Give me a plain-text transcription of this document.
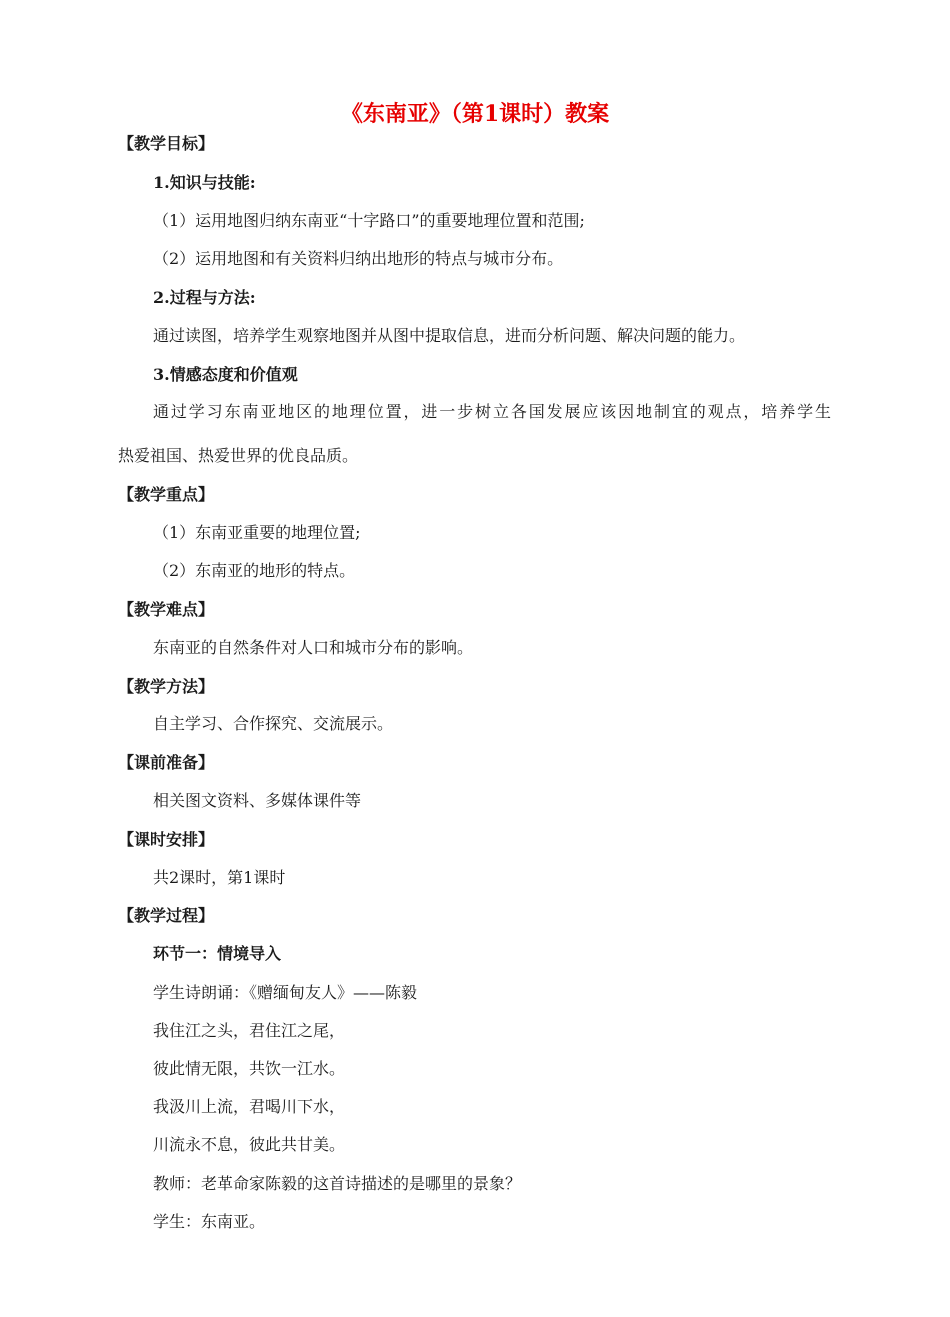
《东南亚》（第1课时）教案
【教学目标】
1.知识与技能:
（1）运用地图归纳东南亚“十字路口”的重要地理位置和范围;
（2）运用地图和有关资料归纳出地形的特点与城市分布。
2.过程与方法:
通过读图，培养学生观察地图并从图中提取信息，进而分析问题、解决问题的能力。
3.情感态度和价值观
通过学习东南亚地区的地理位置，进一步树立各国发展应该因地制宜的观点，培养学生
热爱祖国、热爱世界的优良品质。
【教学重点】
（1）东南亚重要的地理位置;
（2）东南亚的地形的特点。
【教学难点】
东南亚的自然条件对人口和城市分布的影响。
【教学方法】
自主学习、合作探究、交流展示。
【课前准备】
相关图文资料、多媒体课件等
【课时安排】
共2课时，第1课时
【教学过程】
环节一：情境导入
学生诗朗诵：《赠缅甸友人》——陈毅
我住江之头，君住江之尾，
彼此情无限，共饮一江水。
我汲川上流，君喝川下水，
川流永不息，彼此共甘美。
教师：老革命家陈毅的这首诗描述的是哪里的景象？
学生：东南亚。
